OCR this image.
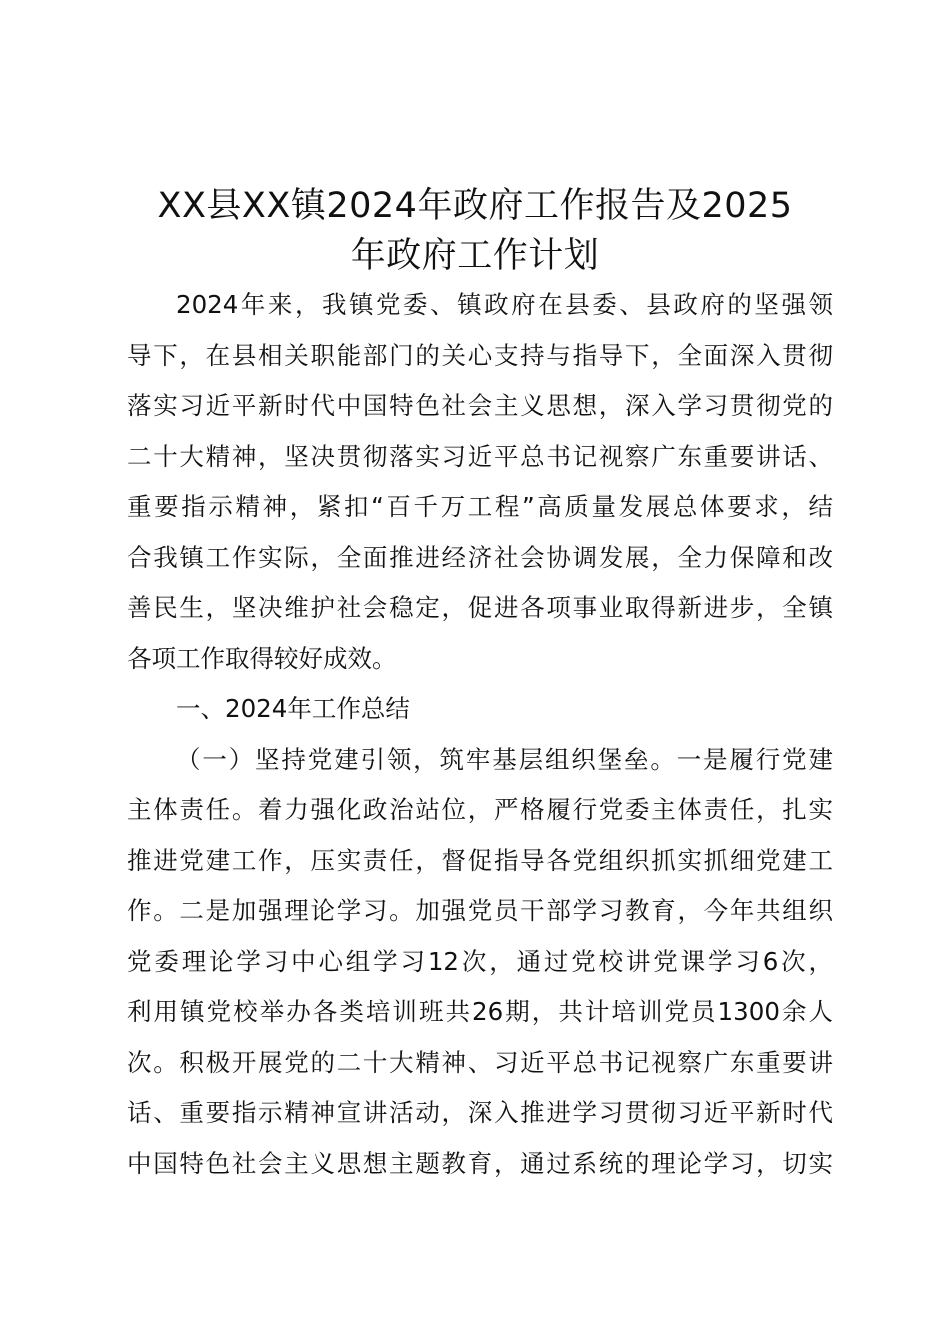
XX县XX镇2024年政府工作报告及2025
年政府工作计划
2024年来，我镇党委、镇政府在县委、县政府的坚强领
导下，在县相关职能部门的关心支持与指导下，全面深入贯彻
落实习近平新时代中国特色社会主义思想，深入学习贯彻党的
二十大精神，坚决贯彻落实习近平总书记视察广东重要讲话、
重要指示精神，紧扣“百千万工程”高质量发展总体要求，结
合我镇工作实际，全面推进经济社会协调发展，全力保障和改
善民生，坚决维护社会稳定，促进各项事业取得新进步，全镇
各项工作取得较好成效。
一、2024年工作总结
（一）坚持党建引领，筑牢基层组织堡垒。一是履行党建
主体责任。着力强化政治站位，严格履行党委主体责任，扎实
推进党建工作，压实责任，督促指导各党组织抓实抓细党建工
作。二是加强理论学习。加强党员干部学习教育，今年共组织
党委理论学习中心组学习12次，通过党校讲党课学习6次，
利用镇党校举办各类培训班共26期，共计培训党员1300余人
次。积极开展党的二十大精神、习近平总书记视察广东重要讲
话、重要指示精神宣讲活动，深入推进学习贯彻习近平新时代
中国特色社会主义思想主题教育，通过系统的理论学习，切实
